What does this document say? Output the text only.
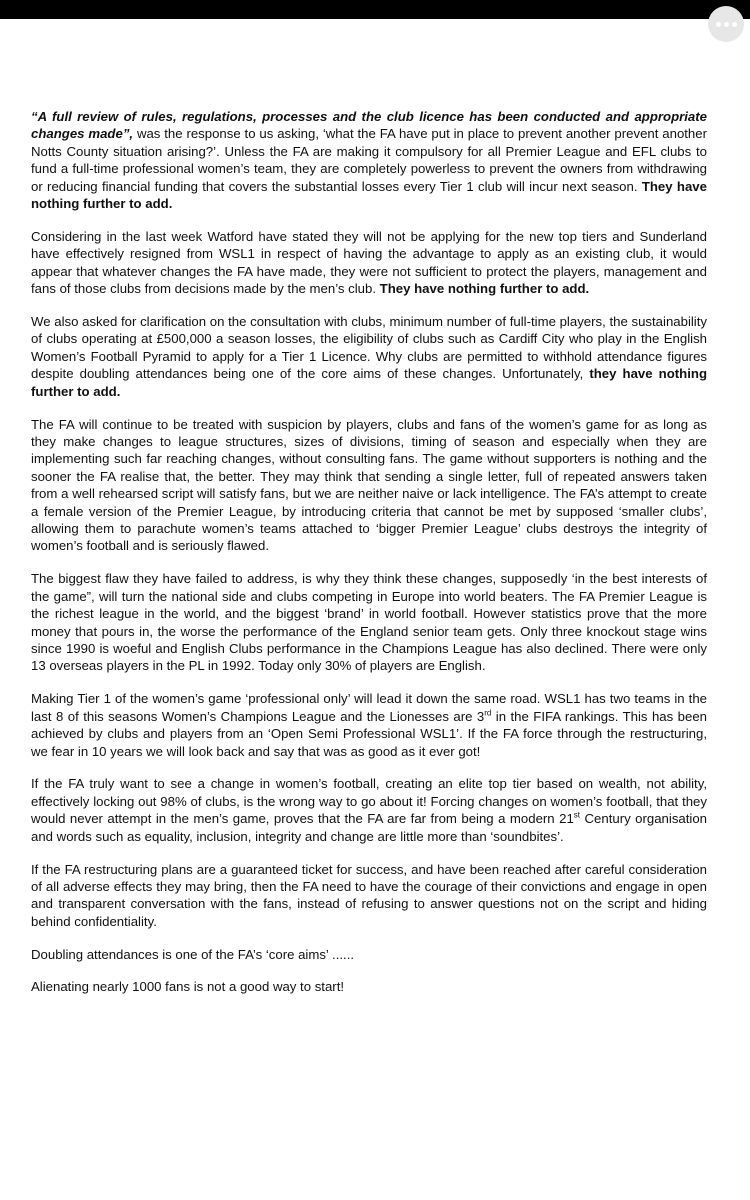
“A full review of rules, regulations, processes and the club licence has been conducted and appropriate changes made”, was the response to us asking, ‘what the FA have put in place to prevent another prevent another Notts County situation arising?’. Unless the FA are making it compulsory for all Premier League and EFL clubs to fund a full-time professional women’s team, they are completely powerless to prevent the owners from withdrawing or reducing financial funding that covers the substantial losses every Tier 1 club will incur next season. They have nothing further to add.

Considering in the last week Watford have stated they will not be applying for the new top tiers and Sunderland have effectively resigned from WSL1 in respect of having the advantage to apply as an existing club, it would appear that whatever changes the FA have made, they were not sufficient to protect the players, management and fans of those clubs from decisions made by the men’s club. They have nothing further to add.

We also asked for clarification on the consultation with clubs, minimum number of full-time players, the sustainability of clubs operating at £500,000 a season losses, the eligibility of clubs such as Cardiff City who play in the English Women’s Football Pyramid to apply for a Tier 1 Licence. Why clubs are permitted to withhold attendance figures despite doubling attendances being one of the core aims of these changes. Unfortunately, they have nothing further to add.

The FA will continue to be treated with suspicion by players, clubs and fans of the women’s game for as long as they make changes to league structures, sizes of divisions, timing of season and especially when they are implementing such far reaching changes, without consulting fans. The game without supporters is nothing and the sooner the FA realise that, the better. They may think that sending a single letter, full of repeated answers taken from a well rehearsed script will satisfy fans, but we are neither naive or lack intelligence. The FA’s attempt to create a female version of the Premier League, by introducing criteria that cannot be met by supposed ‘smaller clubs’, allowing them to parachute women’s teams attached to ‘bigger Premier League’ clubs destroys the integrity of women’s football and is seriously flawed.

The biggest flaw they have failed to address, is why they think these changes, supposedly ‘in the best interests of the game”, will turn the national side and clubs competing in Europe into world beaters. The FA Premier League is the richest league in the world, and the biggest ‘brand’ in world football. However statistics prove that the more money that pours in, the worse the performance of the England senior team gets. Only three knockout stage wins since 1990 is woeful and English Clubs performance in the Champions League has also declined. There were only 13 overseas players in the PL in 1992. Today only 30% of players are English.

Making Tier 1 of the women’s game ‘professional only’ will lead it down the same road. WSL1 has two teams in the last 8 of this seasons Women’s Champions League and the Lionesses are 3rd in the FIFA rankings. This has been achieved by clubs and players from an ‘Open Semi Professional WSL1’. If the FA force through the restructuring, we fear in 10 years we will look back and say that was as good as it ever got!

If the FA truly want to see a change in women’s football, creating an elite top tier based on wealth, not ability, effectively locking out 98% of clubs, is the wrong way to go about it! Forcing changes on women’s football, that they would never attempt in the men’s game, proves that the FA are far from being a modern 21st Century organisation and words such as equality, inclusion, integrity and change are little more than ‘soundbites’.

If the FA restructuring plans are a guaranteed ticket for success, and have been reached after careful consideration of all adverse effects they may bring, then the FA need to have the courage of their convictions and engage in open and transparent conversation with the fans, instead of refusing to answer questions not on the script and hiding behind confidentiality.

Doubling attendances is one of the FA’s ‘core aims’ ......

Alienating nearly 1000 fans is not a good way to start!
